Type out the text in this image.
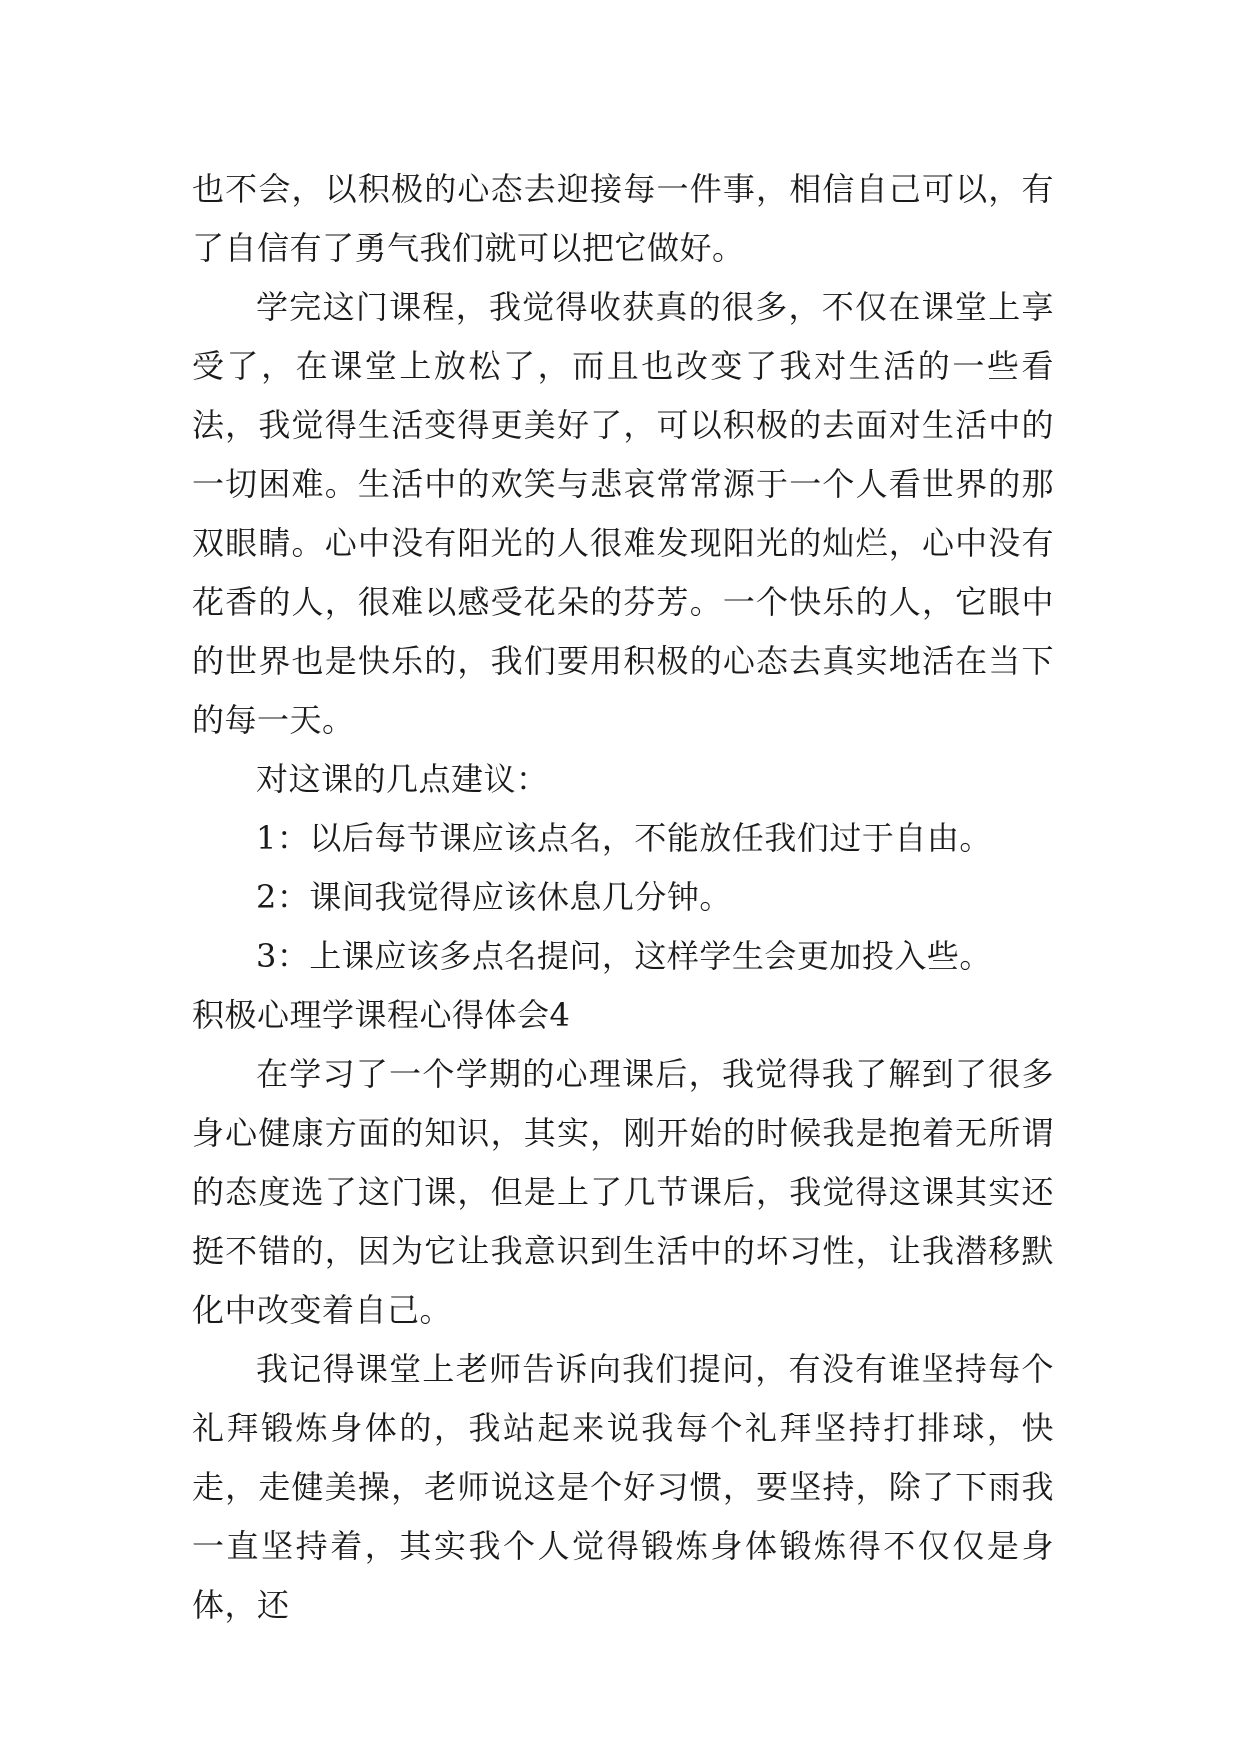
也不会，以积极的心态去迎接每一件事，相信自己可以，有了自信有了勇气我们就可以把它做好。

学完这门课程，我觉得收获真的很多，不仅在课堂上享受了，在课堂上放松了，而且也改变了我对生活的一些看法，我觉得生活变得更美好了，可以积极的去面对生活中的一切困难。生活中的欢笑与悲哀常常源于一个人看世界的那双眼睛。心中没有阳光的人很难发现阳光的灿烂，心中没有花香的人，很难以感受花朵的芬芳。一个快乐的人，它眼中的世界也是快乐的，我们要用积极的心态去真实地活在当下的每一天。

对这课的几点建议：

1：以后每节课应该点名，不能放任我们过于自由。

2：课间我觉得应该休息几分钟。

3：上课应该多点名提问，这样学生会更加投入些。

积极心理学课程心得体会4

在学习了一个学期的心理课后，我觉得我了解到了很多身心健康方面的知识，其实，刚开始的时候我是抱着无所谓的态度选了这门课，但是上了几节课后，我觉得这课其实还挺不错的，因为它让我意识到生活中的坏习性，让我潜移默化中改变着自己。

我记得课堂上老师告诉向我们提问，有没有谁坚持每个礼拜锻炼身体的，我站起来说我每个礼拜坚持打排球，快走，走健美操，老师说这是个好习惯，要坚持，除了下雨我一直坚持着，其实我个人觉得锻炼身体锻炼得不仅仅是身体，还
